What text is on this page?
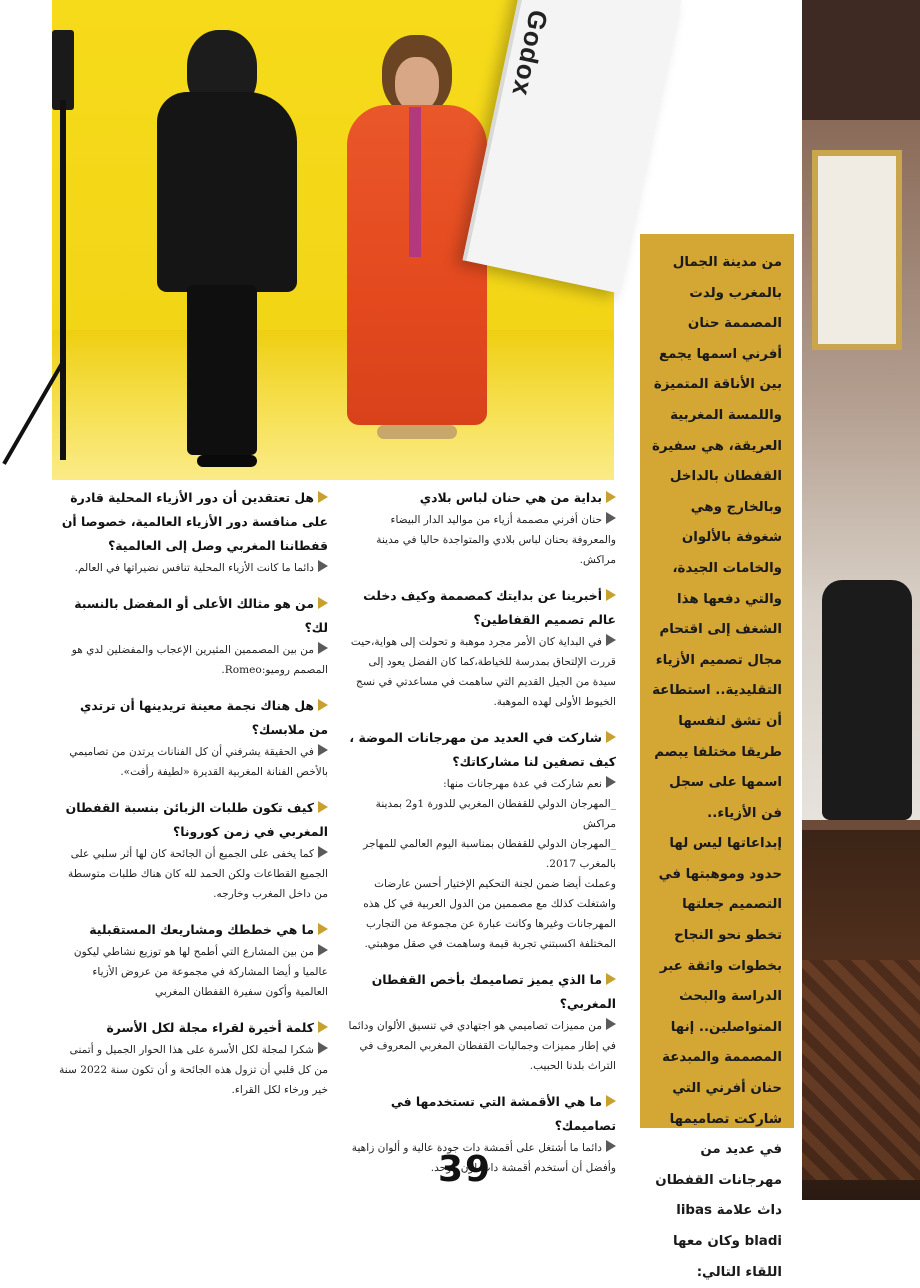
Godox

من مدينة الجمال بالمغرب ولدت المصممة حنان أفرني اسمها يجمع بين الأناقة المتميزة واللمسة المغربية العريقة، هي سفيرة القفطان بالداخل وبالخارج وهي شغوفة بالألوان والخامات الجيدة، والتي دفعها هذا الشغف إلى اقتحام مجال تصميم الأزياء التقليدية.. استطاعة أن تشق لنفسها طريقا مختلفا يبصم اسمها على سجل فن الأزياء.. إبداعاتها ليس لها حدود وموهبتها في التصميم جعلتها تخطو نحو النجاح بخطوات واثقة عبر الدراسة والبحث المتواصلين.. إنها المصممة والمبدعة حنان أفرني التي شاركت تصاميمها في عديد من مهرجانات القفطان داث علامة libas bladi وكان معها اللقاء التالي:

بداية من هي حنان لباس بلادي
حنان أفرني مصممة أزياء من مواليد الدار البيضاء والمعروفة بحنان لباس بلادي والمتواجدة حاليا في مدينة مراكش.
أخبرينا عن بدايتك كمصممة وكيف دخلت عالم تصميم القفاطين؟
في البداية كان الأمر مجرد موهبة و تحولت إلى هواية،حيت قررت الإلتحاق بمدرسة للخياطة،كما كان الفضل يعود إلى سيدة من الجيل القديم التي ساهمت في مساعدتي في نسج الخيوط الأولى لهده الموهبة.
شاركت في العديد من مهرجانات الموضة ، كيف تصفين لنا مشاركاتك؟
نعم شاركت في عدة مهرجانات منها:
_المهرجان الدولي للقفطان المغربي للدورة 1و2 بمدينة مراكش
_المهرجان الدولي للقفطان بمناسبة اليوم العالمي للمهاجر بالمغرب 2017.
وعملت أيضا ضمن لجنة التحكيم الإختيار أحسن عارضات واشتغلت كذلك مع مصممين من الدول العربية في كل هذه المهرجانات وغيرها وكانت عبارة عن مجموعة من التجارب المختلفة اكسبتني تجربة قيمة وساهمت في صقل موهبتي.
ما الذي يميز تصاميمك بأخص القفطان المغربي؟
من مميزات تصاميمي هو اجتهادي في تنسيق الألوان ودائما في إطار مميزات وجماليات القفطان المغربي المعروف في التراث بلدنا الحبيب.
ما هي الأقمشة التي تستخدمها في تصاميمك؟
دائما ما أشتغل على أقمشة دات جودة عالية و ألوان زاهية وأفضل أن أستخدم أقمشة دات لون موحد.
هل تعتقدين أن دور الأزياء المحلية قادرة على منافسة دور الأزياء العالمية، خصوصا أن قفطاننا المغربي وصل إلى العالمية؟
دائما ما كانت الأزياء المحلية تنافس نضيراتها في العالم.
من هو مثالك الأعلى أو المفضل بالنسبة لك؟
من بين المصممين المثيرين الإعجاب والمفضلين لدي هو المصمم روميو:Romeo.
هل هناك نجمة معينة تريدينها أن ترتدي من ملابسك؟
في الحقيقة يشرفني أن كل الفنانات يرتدن من تصاميمي بالأخص الفنانة المغربية القديرة «لطيفة رأفت».
كيف تكون طلبات الزبائن بنسبة القفطان المغربي في زمن كورونا؟
كما يخفى على الجميع أن الجائحة كان لها أثر سلبي على الجميع القطاعات ولكن الحمد لله كان هناك طلبات متوسطة من داخل المغرب وخارجه.
ما هي خططك ومشاريعك المستقبلية
من بين المشارع التي أطمح لها هو توزيع نشاطي ليكون عالميا و أيضا المشاركة في مجموعة من عروض الأزياء العالمية وأكون سفيرة القفطان المغربي
كلمة أخيرة لقراء مجلة لكل الأسرة
شكرا لمجلة لكل الأسرة على هذا الحوار الجميل و أتمنى من كل قلبي أن تزول هذه الجائحة و أن تكون سنة 2022 سنة خير ورخاء لكل القراء.
39
